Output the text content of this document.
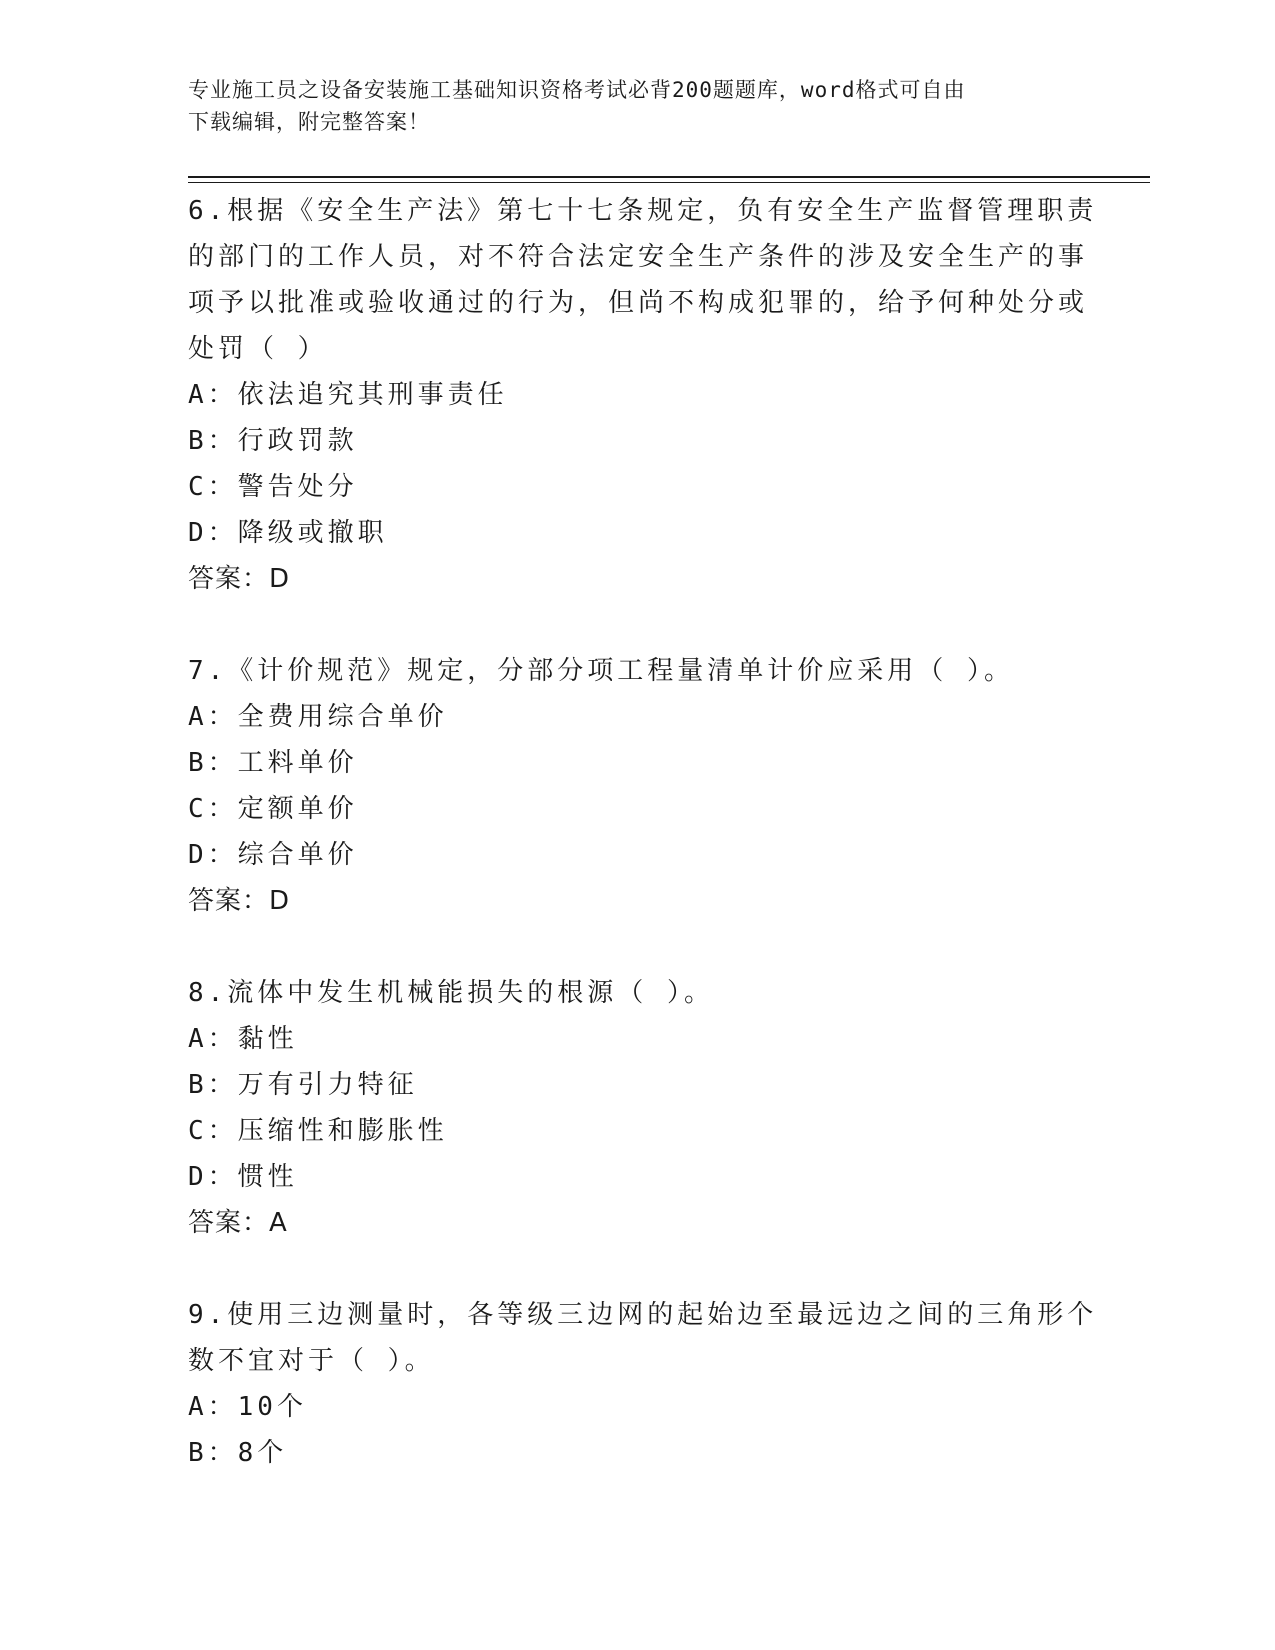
专业施工员之设备安装施工基础知识资格考试必背200题题库，word格式可自由
下载编辑，附完整答案！
6.根据《安全生产法》第七十七条规定，负有安全生产监督管理职责
的部门的工作人员，对不符合法定安全生产条件的涉及安全生产的事
项予以批准或验收通过的行为，但尚不构成犯罪的，给予何种处分或
处罚（ ）
A：依法追究其刑事责任
B：行政罚款
C：警告处分
D：降级或撤职
答案：D
7.《计价规范》规定，分部分项工程量清单计价应采用（ ）。
A：全费用综合单价
B：工料单价
C：定额单价
D：综合单价
答案：D
8.流体中发生机械能损失的根源（ ）。
A：黏性
B：万有引力特征
C：压缩性和膨胀性
D：惯性
答案：A
9.使用三边测量时，各等级三边网的起始边至最远边之间的三角形个
数不宜对于（ ）。
A：10个
B：8个
